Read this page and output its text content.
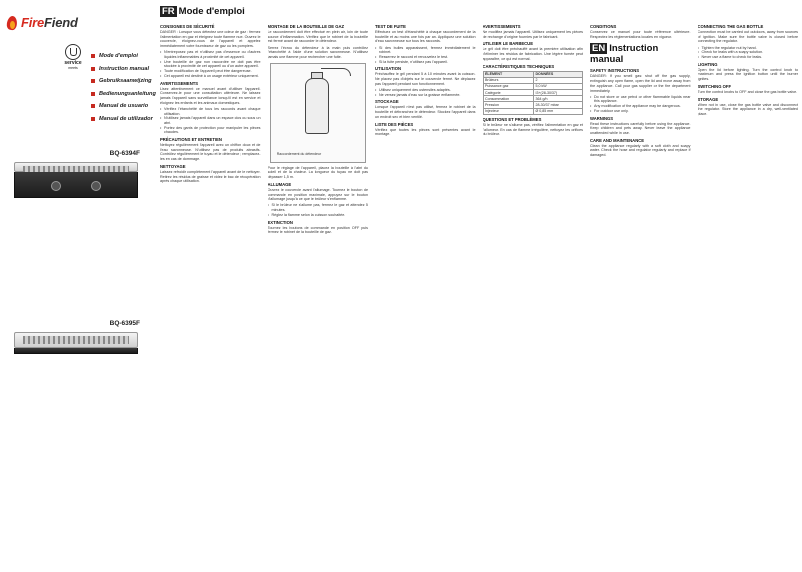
FireFiend
service
meets
Mode d'emploi
Instruction manual
Gebruiksaanwijzing
Bedienungsanleitung
Manual de usuario
Manual de utilizador
BQ-6394F
BQ-6395F
FR Mode d'emploi
CONSIGNES DE SÉCURITÉ
DANGER : Lorsque vous détectez une odeur de gaz : fermez l'alimentation en gaz et éteignez toute flamme nue. Ouvrez le couvercle, éloignez-vous de l'appareil et appelez immédiatement votre fournisseur de gaz ou les pompiers.
• N'entreposez pas et n'utilisez pas d'essence ou d'autres liquides inflammables à proximité de cet appareil.
• Une bouteille de gaz non raccordée ne doit pas être stockée à proximité de cet appareil ou d'un autre appareil.
• Toute modification de l'appareil peut être dangereuse.
• Cet appareil est destiné à un usage extérieur uniquement.
AVERTISSEMENTS
Lisez attentivement ce manuel avant d'utiliser l'appareil. Conservez-le pour une consultation ultérieure. Ne laissez jamais l'appareil sans surveillance lorsqu'il est en service et éloignez les enfants et les animaux domestiques.
• Vérifiez l'étanchéité de tous les raccords avant chaque utilisation.
• N'utilisez jamais l'appareil dans un espace clos ou sous un abri.
• Portez des gants de protection pour manipuler les pièces chaudes.
PRÉCAUTIONS ET ENTRETIEN
Nettoyez régulièrement l'appareil avec un chiffon doux et de l'eau savonneuse. N'utilisez pas de produits abrasifs. Contrôlez régulièrement le tuyau et le détendeur ; remplacez-les en cas de dommage.
NETTOYAGE
Laissez refroidir complètement l'appareil avant de le nettoyer. Retirez les résidus de graisse et videz le bac de récupération après chaque utilisation.
MONTAGE DE LA BOUTEILLE DE GAZ
Le raccordement doit être effectué en plein air, loin de toute source d'inflammation. Vérifiez que le robinet de la bouteille est fermé avant de raccorder le détendeur.
Serrez l'écrou du détendeur à la main puis contrôlez l'étanchéité à l'aide d'une solution savonneuse. N'utilisez jamais une flamme pour rechercher une fuite.
Raccordement du détendeur
Pour le réglage de l'appareil, placez la bouteille à l'abri du soleil et de la chaleur. La longueur du tuyau ne doit pas dépasser 1,5 m.
ALLUMAGE
Ouvrez le couvercle avant l'allumage. Tournez le bouton de commande en position maximale, appuyez sur le bouton d'allumage jusqu'à ce que le brûleur s'enflamme.
• Si le brûleur ne s'allume pas, fermez le gaz et attendez 5 minutes.
• Réglez la flamme selon la cuisson souhaitée.
EXTINCTION
Tournez les boutons de commande en position OFF puis fermez le robinet de la bouteille de gaz.
TEST DE FUITE
Effectuez un test d'étanchéité à chaque raccordement de la bouteille et au moins une fois par an. Appliquez une solution d'eau savonneuse sur tous les raccords.
• Si des bulles apparaissent, fermez immédiatement le robinet.
• Resserrez le raccord et renouvelez le test.
• Si la fuite persiste, n'utilisez pas l'appareil.
UTILISATION
Préchauffez le gril pendant 5 à 10 minutes avant la cuisson. Ne placez pas d'objets sur le couvercle fermé. Ne déplacez pas l'appareil pendant son fonctionnement.
• Utilisez uniquement des ustensiles adaptés.
• Ne versez jamais d'eau sur la graisse enflammée.
STOCKAGE
Lorsque l'appareil n'est pas utilisé, fermez le robinet de la bouteille et débranchez le détendeur. Stockez l'appareil dans un endroit sec et bien ventilé.
LISTE DES PIÈCES
Vérifiez que toutes les pièces sont présentes avant le montage.
AVERTISSEMENTS
Ne modifiez jamais l'appareil. Utilisez uniquement les pièces de rechange d'origine fournies par le fabricant.
UTILISER LE BARBECUE
Le gril doit être préchauffé avant la première utilisation afin d'éliminer les résidus de fabrication. Une légère fumée peut apparaître, ce qui est normal.
CARACTÉRISTIQUES TECHNIQUES
ÉLÉMENT	DONNÉES
Brûleurs	2
Puissance gaz	5,0 kW
Catégorie	I3+(28-30/37)
Consommation	364 g/h
Pression	28-30/37 mbar
Injecteur	Ø 0,85 mm
QUESTIONS ET PROBLÈMES
Si le brûleur ne s'allume pas, vérifiez l'alimentation en gaz et l'allumeur. En cas de flamme irrégulière, nettoyez les orifices du brûleur.
CONDITIONS
Conservez ce manuel pour toute référence ultérieure. Respectez les réglementations locales en vigueur.
EN Instruction manual
SAFETY INSTRUCTIONS
DANGER: If you smell gas: shut off the gas supply, extinguish any open flame, open the lid and move away from the appliance. Call your gas supplier or the fire department immediately.
• Do not store or use petrol or other flammable liquids near this appliance.
• Any modification of the appliance may be dangerous.
• For outdoor use only.
WARNINGS
Read these instructions carefully before using the appliance. Keep children and pets away. Never leave the appliance unattended while in use.
CARE AND MAINTENANCE
Clean the appliance regularly with a soft cloth and soapy water. Check the hose and regulator regularly and replace if damaged.
CONNECTING THE GAS BOTTLE
Connection must be carried out outdoors, away from sources of ignition. Make sure the bottle valve is closed before connecting the regulator.
• Tighten the regulator nut by hand.
• Check for leaks with a soapy solution.
• Never use a flame to check for leaks.
LIGHTING
Open the lid before lighting. Turn the control knob to maximum and press the ignition button until the burner ignites.
SWITCHING OFF
Turn the control knobs to OFF and close the gas bottle valve.
STORAGE
When not in use, close the gas bottle valve and disconnect the regulator. Store the appliance in a dry, well-ventilated place.
